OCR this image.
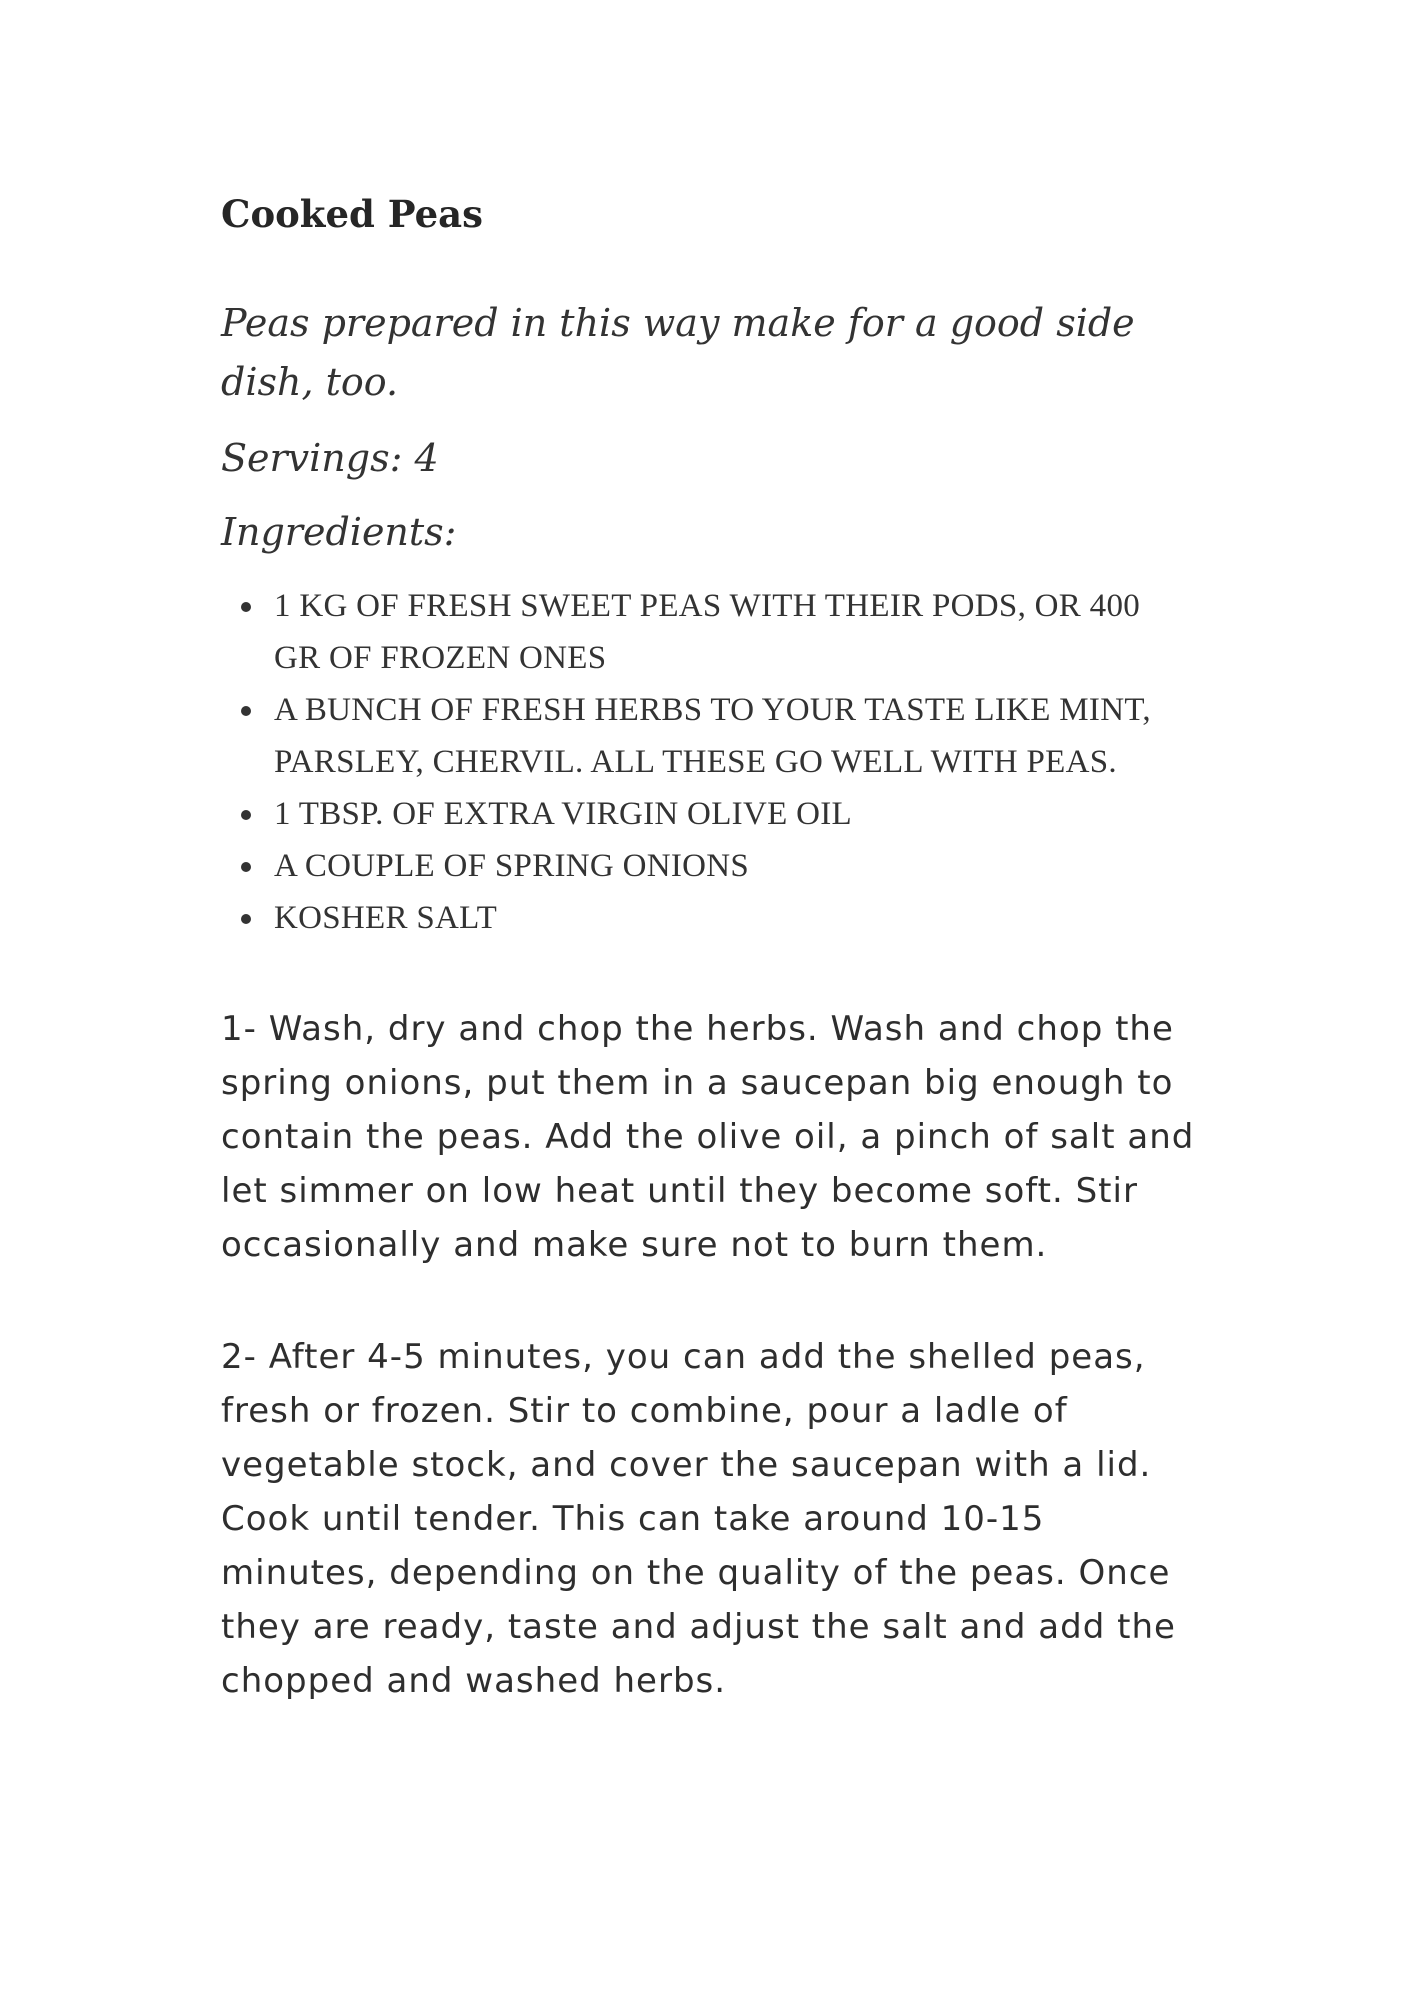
Cooked Peas

Peas prepared in this way make for a good side dish, too.

Servings: 4

Ingredients:

1 KG OF FRESH SWEET PEAS WITH THEIR PODS, OR 400 GR OF FROZEN ONES
A BUNCH OF FRESH HERBS TO YOUR TASTE LIKE MINT, PARSLEY, CHERVIL. ALL THESE GO WELL WITH PEAS.
1 TBSP. OF EXTRA VIRGIN OLIVE OIL
A COUPLE OF SPRING ONIONS
KOSHER SALT

1- Wash, dry and chop the herbs. Wash and chop the spring onions, put them in a saucepan big enough to contain the peas. Add the olive oil, a pinch of salt and let simmer on low heat until they become soft. Stir occasionally and make sure not to burn them.

2- After 4-5 minutes, you can add the shelled peas, fresh or frozen. Stir to combine, pour a ladle of vegetable stock, and cover the saucepan with a lid. Cook until tender. This can take around 10-15 minutes, depending on the quality of the peas. Once they are ready, taste and adjust the salt and add the chopped and washed herbs.
